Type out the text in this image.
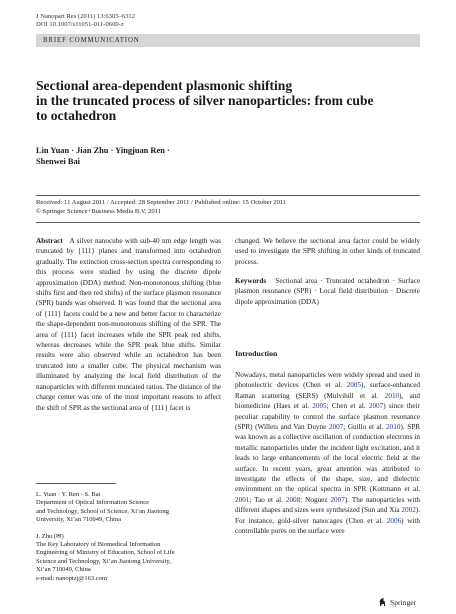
J Nanopart Res (2011) 13:6305–6312
DOI 10.1007/s11051-011-0600-z
BRIEF COMMUNICATION
Sectional area-dependent plasmonic shifting
in the truncated process of silver nanoparticles: from cube
to octahedron
Lin Yuan · Jian Zhu · Yingjuan Ren ·
Shenwei Bai
Received: 11 August 2011 / Accepted: 28 September 2011 / Published online: 15 October 2011
© Springer Science+Business Media B.V. 2011
Abstract A silver nanocube with sub-40 nm edge length was truncated by {111} planes and transformed into octahedron gradually. The extinction cross-section spectra corresponding to this process were studied by using the discrete dipole approximation (DDA) method. Non-monotonous shifting (blue shifts first and then red shifts) of the surface plasmon resonance (SPR) bands was observed. It was found that the sectional area of {111} facets could be a new and better factor to characterize the shape-dependent non-monotonous shifting of the SPR. The area of {111} facet increases while the SPR peak red shifts, whereas decreases while the SPR peak blue shifts. Similar results were also observed while an octahedron has been truncated into a smaller cube. The physical mechanism was illuminated by analyzing the local field distribution of the nanoparticles with different truncated ratios. The distance of the charge center was one of the most important reasons to affect the shift of SPR as the sectional area of {111} facet is
changed. We believe the sectional area factor could be widely used to investigate the SPR shifting in other kinds of truncated process.
Keywords Sectional area · Truncated octahedron · Surface plasmon resonance (SPR) · Local field distribution · Discrete dipole approximation (DDA)
Introduction
Nowadays, metal nanoparticles were widely spread and used in photoelectric devices (Chen et al. 2005), surface-enhanced Raman scattering (SERS) (Mulvihill et al. 2010), and biomedicine (Haes et al. 2005; Chen et al. 2007) since their peculiar capability to control the surface plasmon resonance (SPR) (Willets and Van Duyne 2007; Guillo et al. 2010). SPR was known as a collective oscillation of conduction electrons in metallic nanoparticles under the incident light excitation, and it leads to large enhancements of the local electric field at the surface. In recent years, great attention was attributed to investigate the effects of the shape, size, and dielectric environment on the optical spectra in SPR (Kottmann et al. 2001; Tao et al. 2008; Noguez 2007). The nanoparticles with different shapes and sizes were synthesized (Sun and Xia 2002). For instance, gold-silver nanocages (Chen et al. 2006) with controllable pores on the surface were
L. Yuan · Y. Ren · S. Bai
Department of Optical Information Science
and Technology, School of Science, Xi’an Jiaotong
University, Xi’an 710049, China
J. Zhu (✉)
The Key Laboratory of Biomedical Information
Engineering of Ministry of Education, School of Life
Science and Technology, Xi’an Jiaotong University,
Xi’an 710049, China
e-mail: nanoptzj@163.com
Springer
